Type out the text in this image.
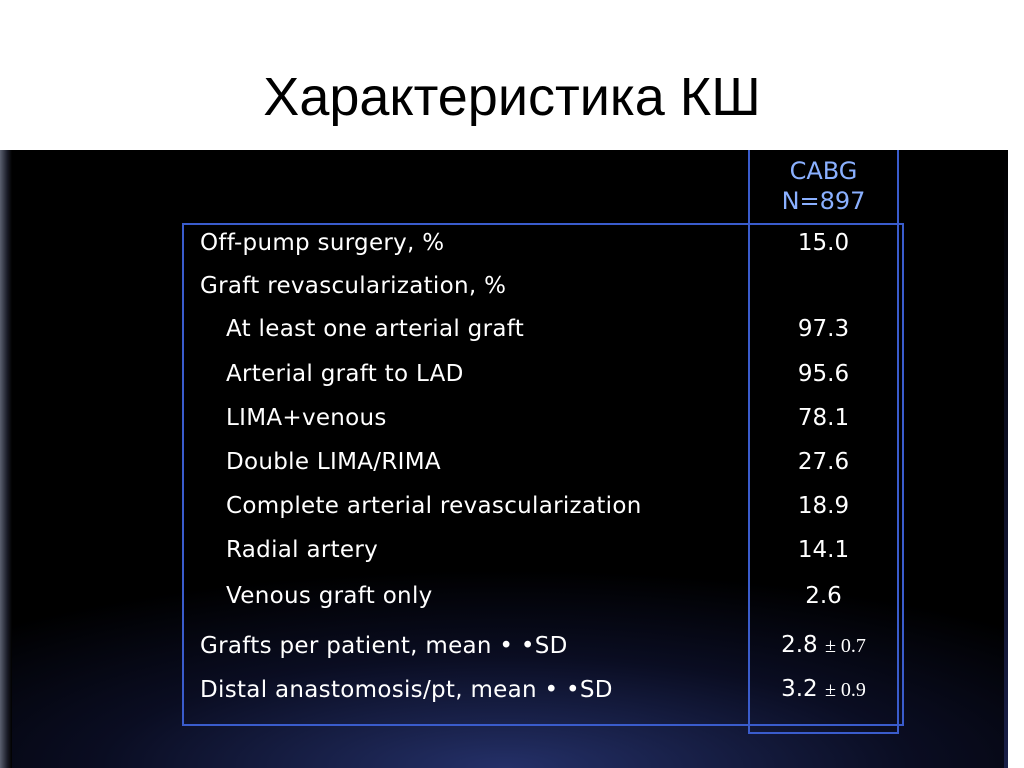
Характеристика КШ
CABG
N=897
Off-pump surgery, %	15.0
Graft revascularization, %
At least one arterial graft	97.3
Arterial graft to LAD	95.6
LIMA+venous	78.1
Double LIMA/RIMA	27.6
Complete arterial revascularization	18.9
Radial artery	14.1
Venous graft only	2.6
Grafts per patient, mean • •SD	2.8 ± 0.7
Distal anastomosis/pt, mean • •SD	3.2 ± 0.9
